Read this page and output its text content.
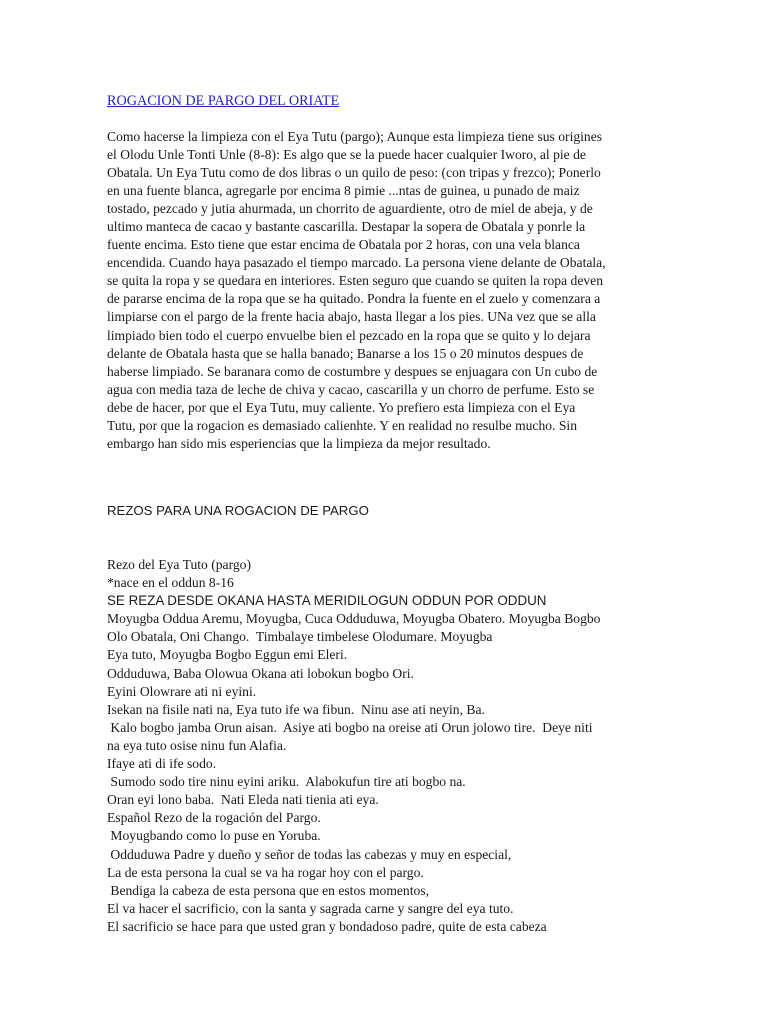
ROGACION DE PARGO DEL ORIATE
Como hacerse la limpieza con el Eya Tutu (pargo); Aunque esta limpieza tiene sus origines
el Olodu Unle Tonti Unle (8-8): Es algo que se la puede hacer cualquier Iworo, al pie de
Obatala. Un Eya Tutu como de dos libras o un quilo de peso: (con tripas y frezco); Ponerlo
en una fuente blanca, agregarle por encima 8 pimie ...ntas de guinea, u punado de maiz
tostado, pezcado y jutia ahurmada, un chorrito de aguardiente, otro de miel de abeja, y de
ultimo manteca de cacao y bastante cascarilla. Destapar la sopera de Obatala y ponrle la
fuente encima. Esto tiene que estar encima de Obatala por 2 horas, con una vela blanca
encendida. Cuando haya pasazado el tiempo marcado. La persona viene delante de Obatala,
se quita la ropa y se quedara en interiores. Esten seguro que cuando se quiten la ropa deven
de pararse encima de la ropa que se ha quitado. Pondra la fuente en el zuelo y comenzara a
limpiarse con el pargo de la frente hacia abajo, hasta llegar a los pies. UNa vez que se alla
limpiado bien todo el cuerpo envuelbe bien el pezcado en la ropa que se quito y lo dejara
delante de Obatala hasta que se halla banado; Banarse a los 15 o 20 minutos despues de
haberse limpiado. Se baranara como de costumbre y despues se enjuagara con Un cubo de
agua con media taza de leche de chiva y cacao, cascarilla y un chorro de perfume. Esto se
debe de hacer, por que el Eya Tutu, muy caliente. Yo prefiero esta limpieza con el Eya
Tutu, por que la rogacion es demasiado calienhte. Y en realidad no resulbe mucho. Sin
embargo han sido mis esperiencias que la limpieza da mejor resultado.
REZOS PARA UNA ROGACION DE PARGO
Rezo del Eya Tuto (pargo)
*nace en el oddun 8-16
SE REZA DESDE OKANA HASTA MERIDILOGUN ODDUN POR ODDUN
Moyugba Oddua Aremu, Moyugba, Cuca Odduduwa, Moyugba Obatero. Moyugba Bogbo
Olo Obatala, Oni Chango.  Timbalaye timbelese Olodumare. Moyugba
Eya tuto, Moyugba Bogbo Eggun emi Eleri.
Odduduwa, Baba Olowua Okana ati lobokun bogbo Ori.
Eyini Olowrare ati ni eyini.
Isekan na fisile nati na, Eya tuto ife wa fibun.  Ninu ase ati neyin, Ba.
Kalo bogbo jamba Orun aisan.  Asiye ati bogbo na oreise ati Orun jolowo tire.  Deye niti
na eya tuto osise ninu fun Alafia.
Ifaye ati di ife sodo.
Sumodo sodo tire ninu eyini ariku.  Alabokufun tire ati bogbo na.
Oran eyi lono baba.  Nati Eleda nati tienia ati eya.
Español Rezo de la rogación del Pargo.
Moyugbando como lo puse en Yoruba.
Odduduwa Padre y dueño y señor de todas las cabezas y muy en especial,
La de esta persona la cual se va ha rogar hoy con el pargo.
Bendiga la cabeza de esta persona que en estos momentos,
El va hacer el sacrificio, con la santa y sagrada carne y sangre del eya tuto.
El sacrificio se hace para que usted gran y bondadoso padre, quite de esta cabeza
